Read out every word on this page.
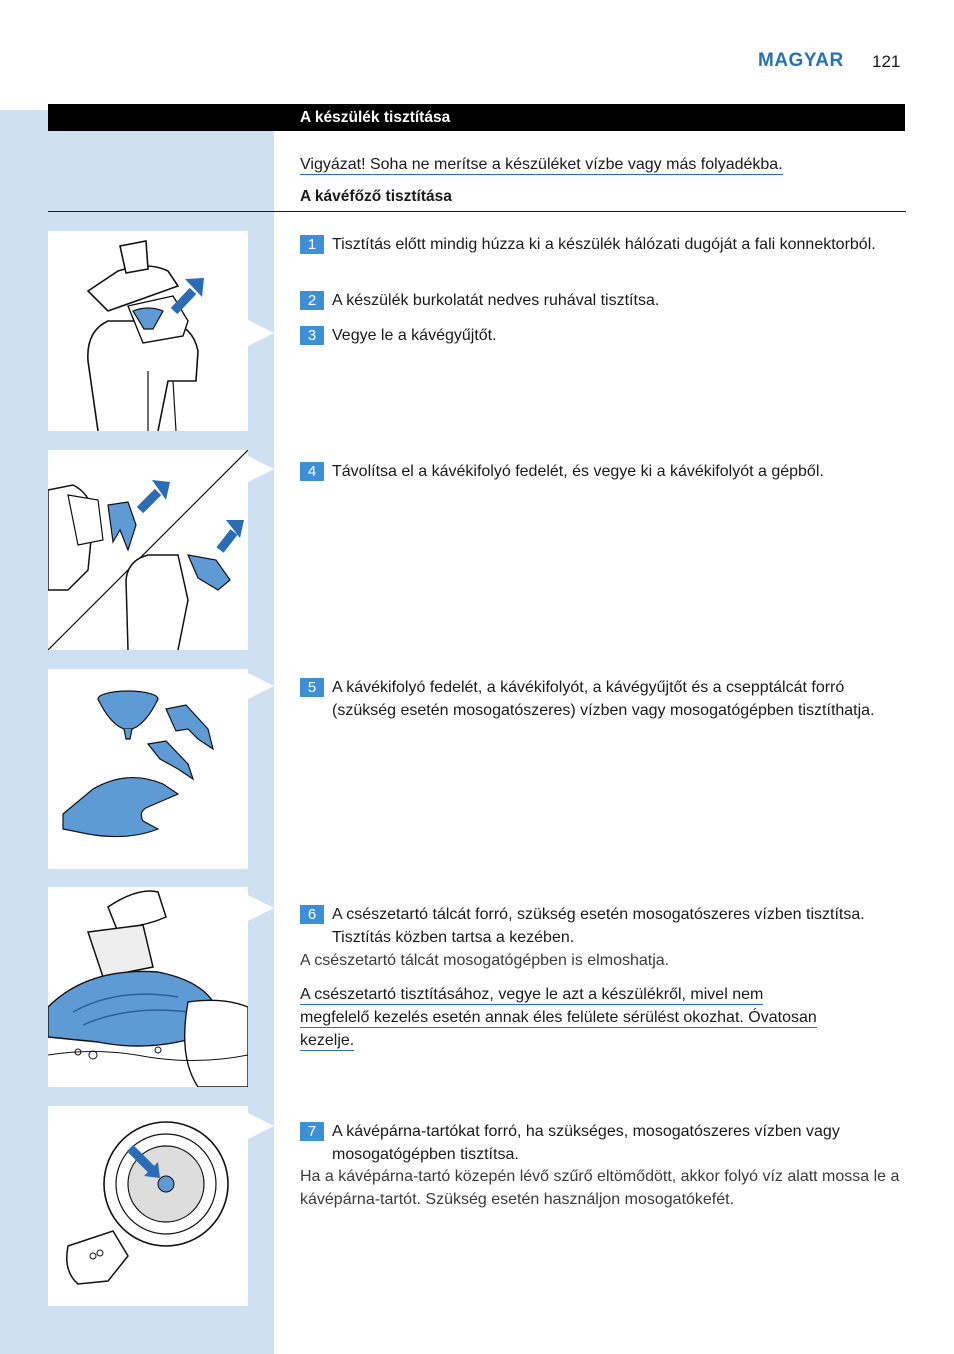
MAGYAR 121
A készülék tisztítása
Vigyázat! Soha ne merítse a készüléket vízbe vagy más folyadékba.
A kávéfőző tisztítása
1 Tisztítás előtt mindig húzza ki a készülék hálózati dugóját a fali konnektorból.
2 A készülék burkolatát nedves ruhával tisztítsa.
3 Vegye le a kávégyűjtőt.
4 Távolítsa el a kávékifolyó fedelét, és vegye ki a kávékifolyót a gépből.
5 A kávékifolyó fedelét, a kávékifolyót, a kávégyűjtőt és a csepptálcát forró (szükség esetén mosogatószeres) vízben vagy mosogatógépben tisztíthatja.
6 A csészetartó tálcát forró, szükség esetén mosogatószeres vízben tisztítsa. Tisztítás közben tartsa a kezében.
A csészetartó tálcát mosogatógépben is elmoshatja.
A csészetartó tisztításához, vegye le azt a készülékről, mivel nem
megfelelő kezelés esetén annak éles felülete sérülést okozhat. Óvatosan
kezelje.
7 A kávépárna-tartókat forró, ha szükséges, mosogatószeres vízben vagy mosogatógépben tisztítsa.
Ha a kávépárna-tartó közepén lévő szűrő eltömődött, akkor folyó víz alatt mossa le a kávépárna-tartót. Szükség esetén használjon mosogatókefét.
